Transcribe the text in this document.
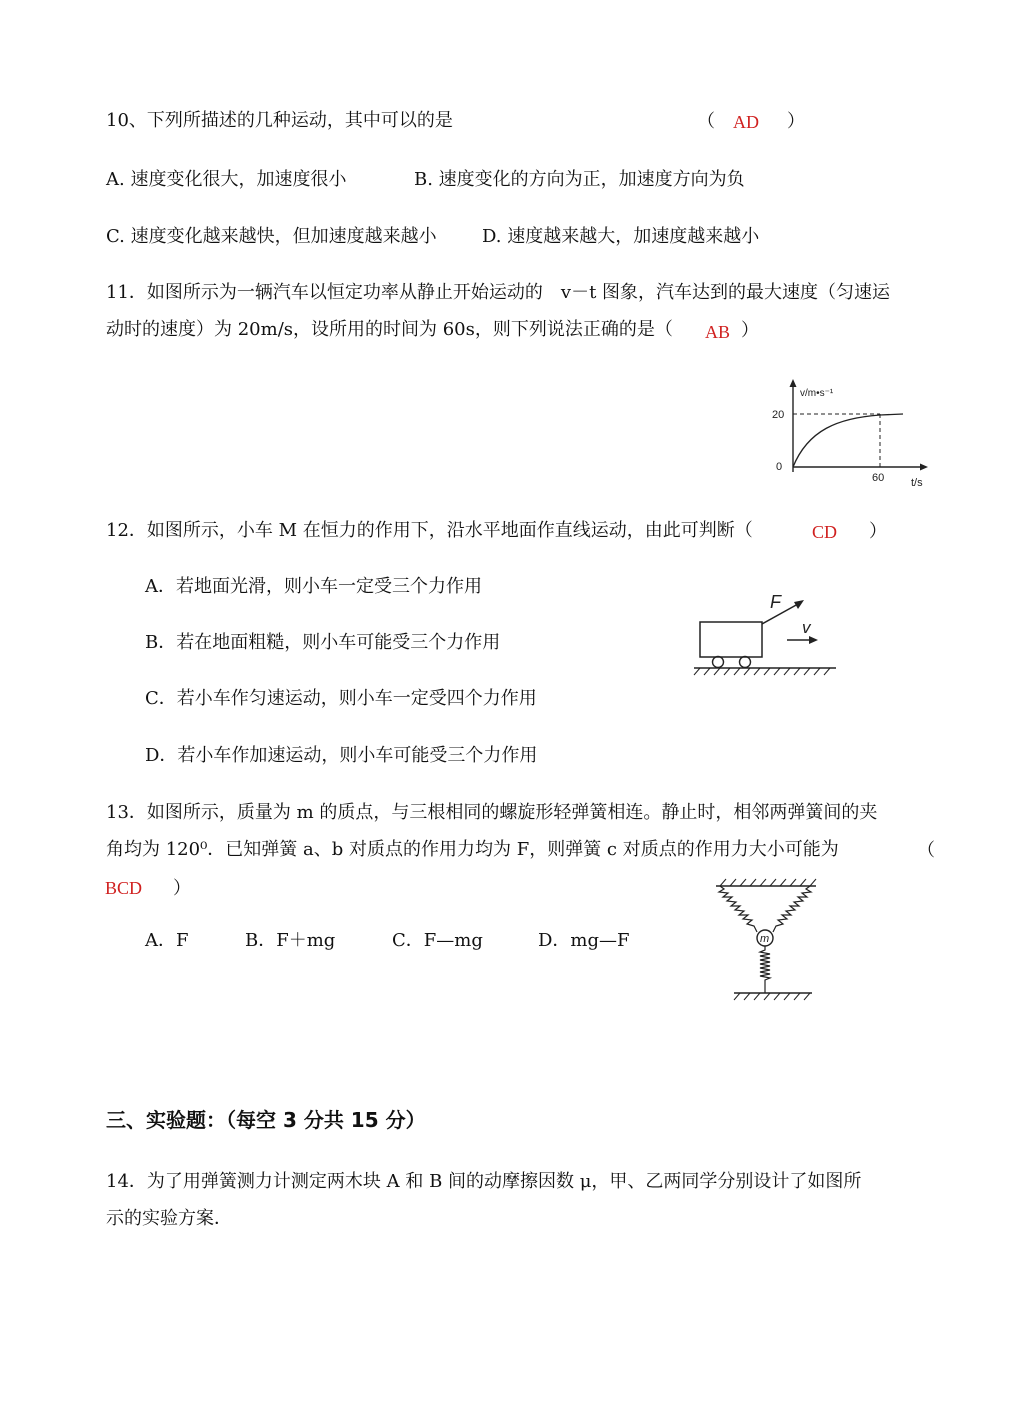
10、下列所描述的几种运动，其中可以的是	（ AD ）
A. 速度变化很大，加速度很小	B. 速度变化的方向为正，加速度方向为负
C. 速度变化越来越快，但加速度越来越小	D. 速度越来越大，加速度越来越小
11．如图所示为一辆汽车以恒定功率从静止开始运动的　v－t 图象，汽车达到的最大速度（匀速运
动时的速度）为 20m/s，设所用的时间为 60s，则下列说法正确的是（ AB ）
v/m•s⁻¹
20
0
60 t/s
12．如图所示，小车 M 在恒力的作用下，沿水平地面作直线运动，由此可判断（	CD ）
A．若地面光滑，则小车一定受三个力作用
B．若在地面粗糙，则小车可能受三个力作用
C．若小车作匀速运动，则小车一定受四个力作用
D．若小车作加速运动，则小车可能受三个力作用
F
v
13．如图所示，质量为 m 的质点，与三根相同的螺旋形轻弹簧相连。静止时，相邻两弹簧间的夹
角均为 120⁰．已知弹簧 a、b 对质点的作用力均为 F，则弹簧 c 对质点的作用力大小可能为	（
BCD ）
A．F	B．F＋mg	C．F—mg	D．mg—F	m
三、实验题：（每空 3 分共 15 分）
14．为了用弹簧测力计测定两木块 A 和 B 间的动摩擦因数 μ，甲、乙两同学分别设计了如图所
示的实验方案．
